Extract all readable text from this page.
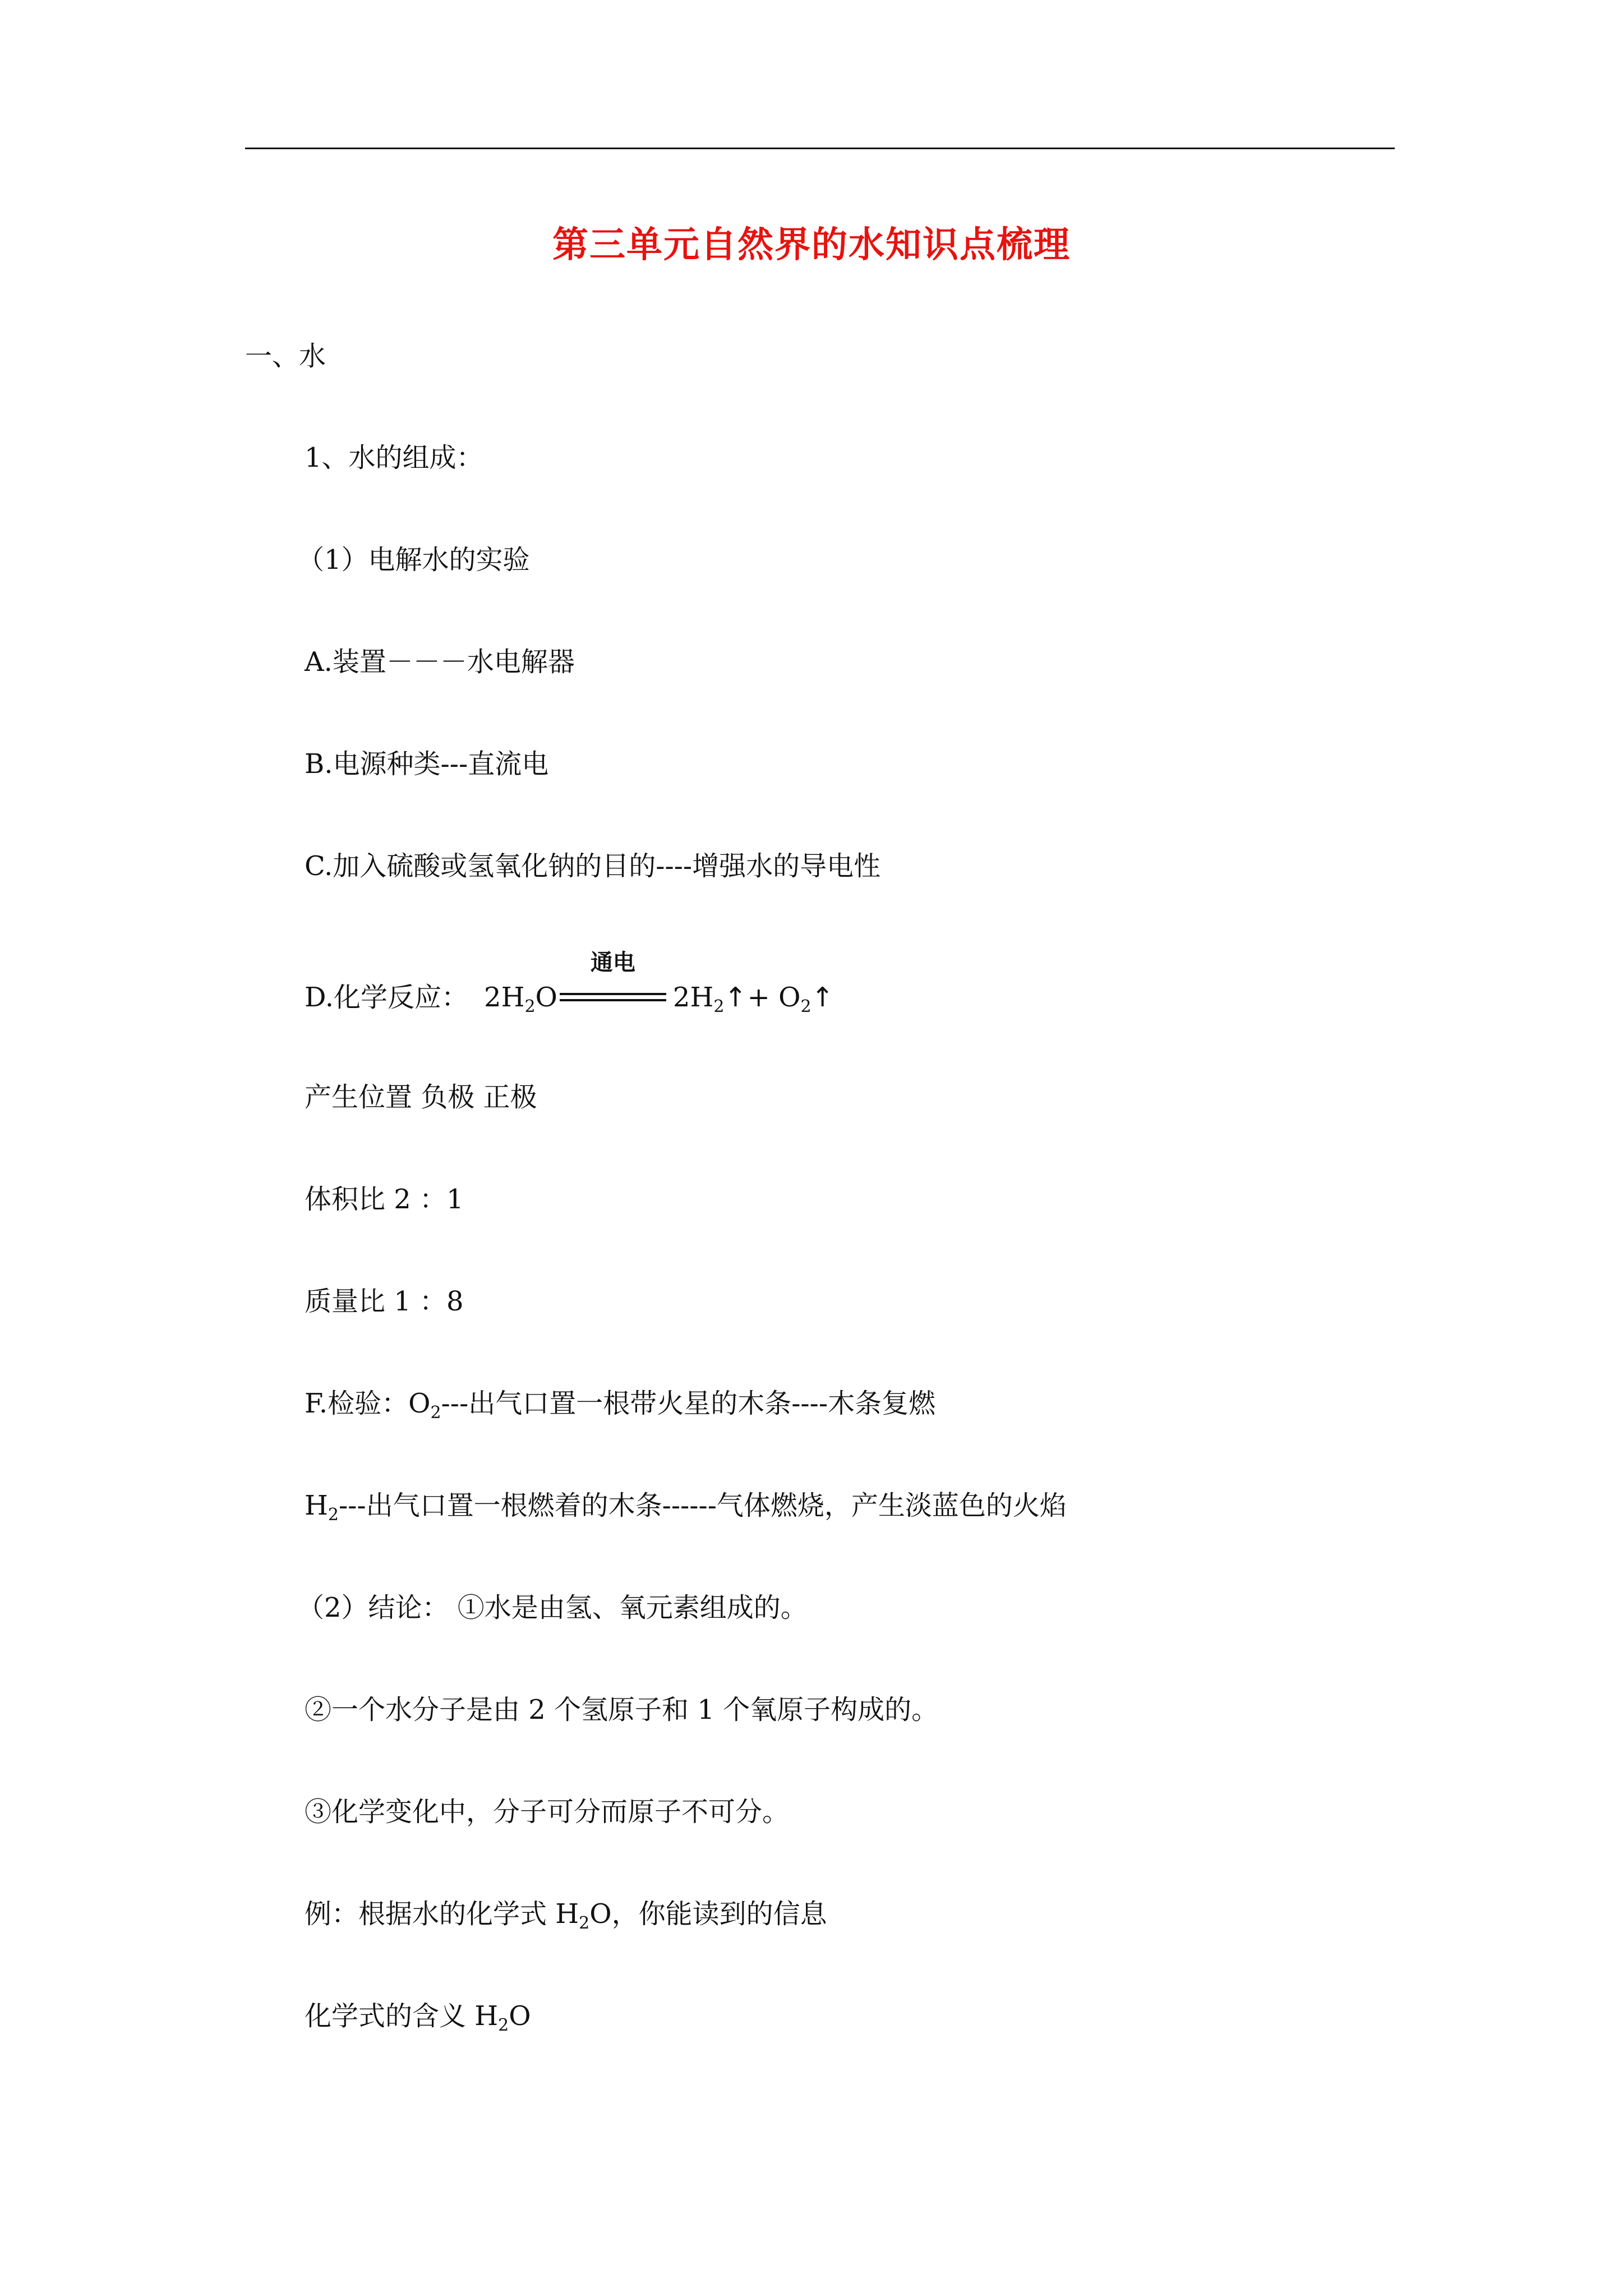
第三单元自然界的水知识点梳理
一、水
1、水的组成：
（1）电解水的实验
A.装置－－－水电解器
B.电源种类---直流电
C.加入硫酸或氢氧化钠的目的----增强水的导电性
D.化学反应： $2H_2O$
通电
$2H_2↑$ + $O_2↑$
产生位置 负极 正极
体积比 2 ：1
质量比 1 ：8
F.检验：$O_2---$出气口置一根带火星的木条----木条复燃
$H_2---$出气口置一根燃着的木条------气体燃烧，产生淡蓝色的火焰
（2）结论： ①水是由氢、氧元素组成的。
②一个水分子是由 2 个氢原子和 1 个氧原子构成的。
③化学变化中，分子可分而原子不可分。
例：根据水的化学式 $H_2O$，你能读到的信息
化学式的含义 $H_2O$
